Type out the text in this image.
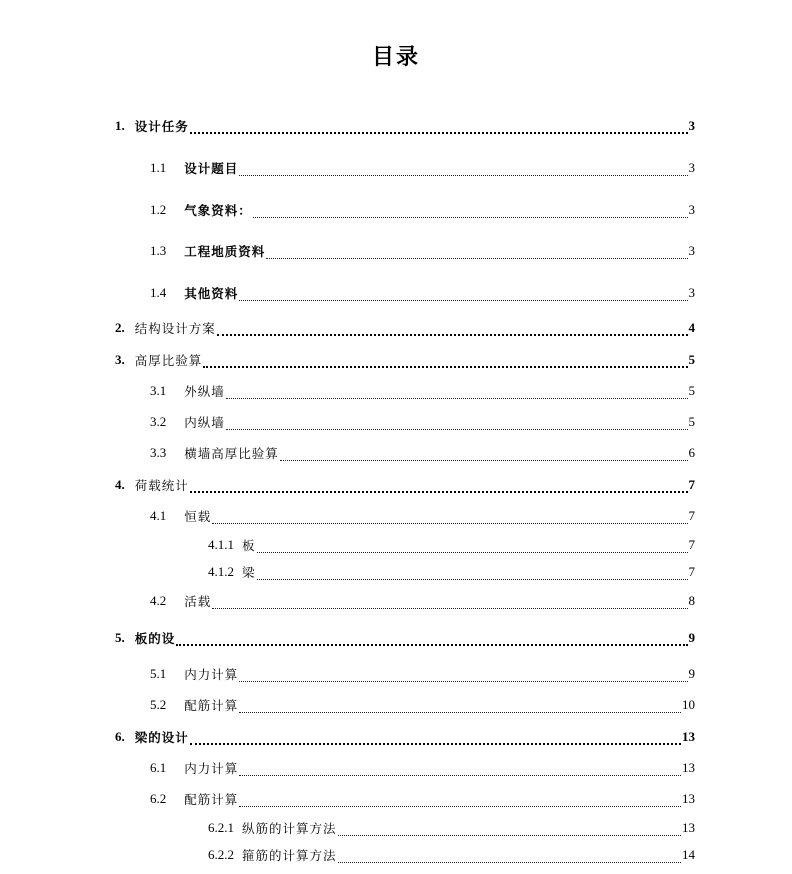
目录
1. 设计任务	3
1.1 设计题目	3
1.2 气象资料：	3
1.3 工程地质资料	3
1.4 其他资料	3
2. 结构设计方案	4
3. 高厚比验算	5
3.1 外纵墙	5
3.2 内纵墙	5
3.3 横墙高厚比验算	6
4. 荷载统计	7
4.1 恒载	7
4.1.1 板	7
4.1.2 梁	7
4.2 活载	8
5. 板的设	9
5.1 内力计算	9
5.2 配筋计算	10
6. 梁的设计	13
6.1 内力计算	13
6.2 配筋计算	13
6.2.1 纵筋的计算方法	13
6.2.2 箍筋的计算方法	14
